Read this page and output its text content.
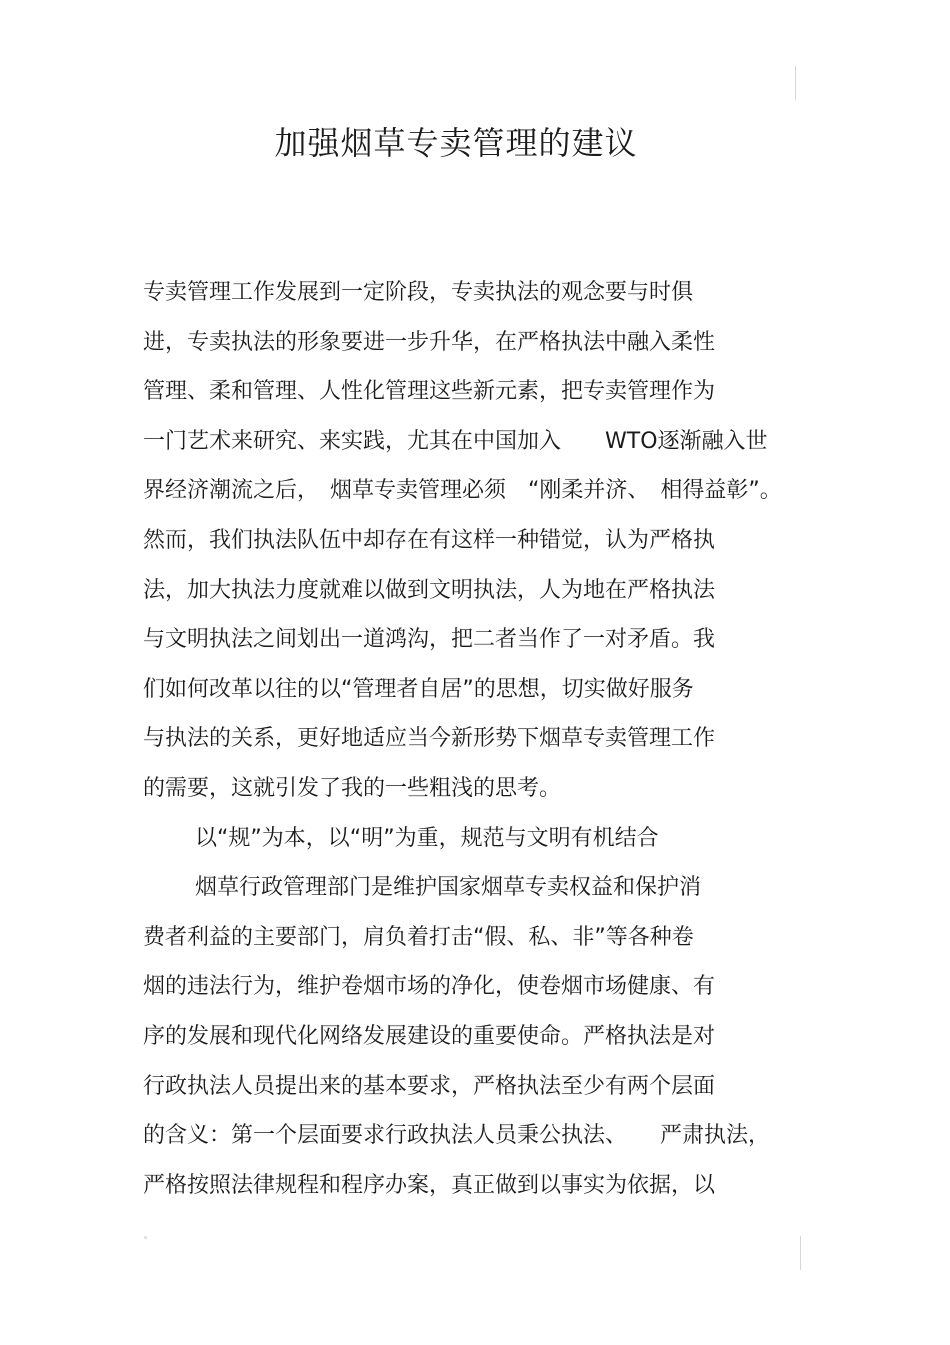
加强烟草专卖管理的建议
专卖管理工作发展到一定阶段，专卖执法的观念要与时俱
进，专卖执法的形象要进一步升华，在严格执法中融入柔性
管理、柔和管理、人性化管理这些新元素，把专卖管理作为
一门艺术来研究、来实践，尤其在中国加入　　WTO逐渐融入世
界经济潮流之后，　烟草专卖管理必须　“刚柔并济、　相得益彰”。
然而，我们执法队伍中却存在有这样一种错觉，认为严格执
法，加大执法力度就难以做到文明执法，人为地在严格执法
与文明执法之间划出一道鸿沟，把二者当作了一对矛盾。我
们如何改革以往的以“管理者自居”的思想，切实做好服务
与执法的关系，更好地适应当今新形势下烟草专卖管理工作
的需要，这就引发了我的一些粗浅的思考。
以“规”为本，以“明”为重，规范与文明有机结合
烟草行政管理部门是维护国家烟草专卖权益和保护消
费者利益的主要部门，肩负着打击“假、私、非”等各种卷
烟的违法行为，维护卷烟市场的净化，使卷烟市场健康、有
序的发展和现代化网络发展建设的重要使命。严格执法是对
行政执法人员提出来的基本要求，严格执法至少有两个层面
的含义：第一个层面要求行政执法人员秉公执法、　　严肃执法，
严格按照法律规程和程序办案，真正做到以事实为依据，以
